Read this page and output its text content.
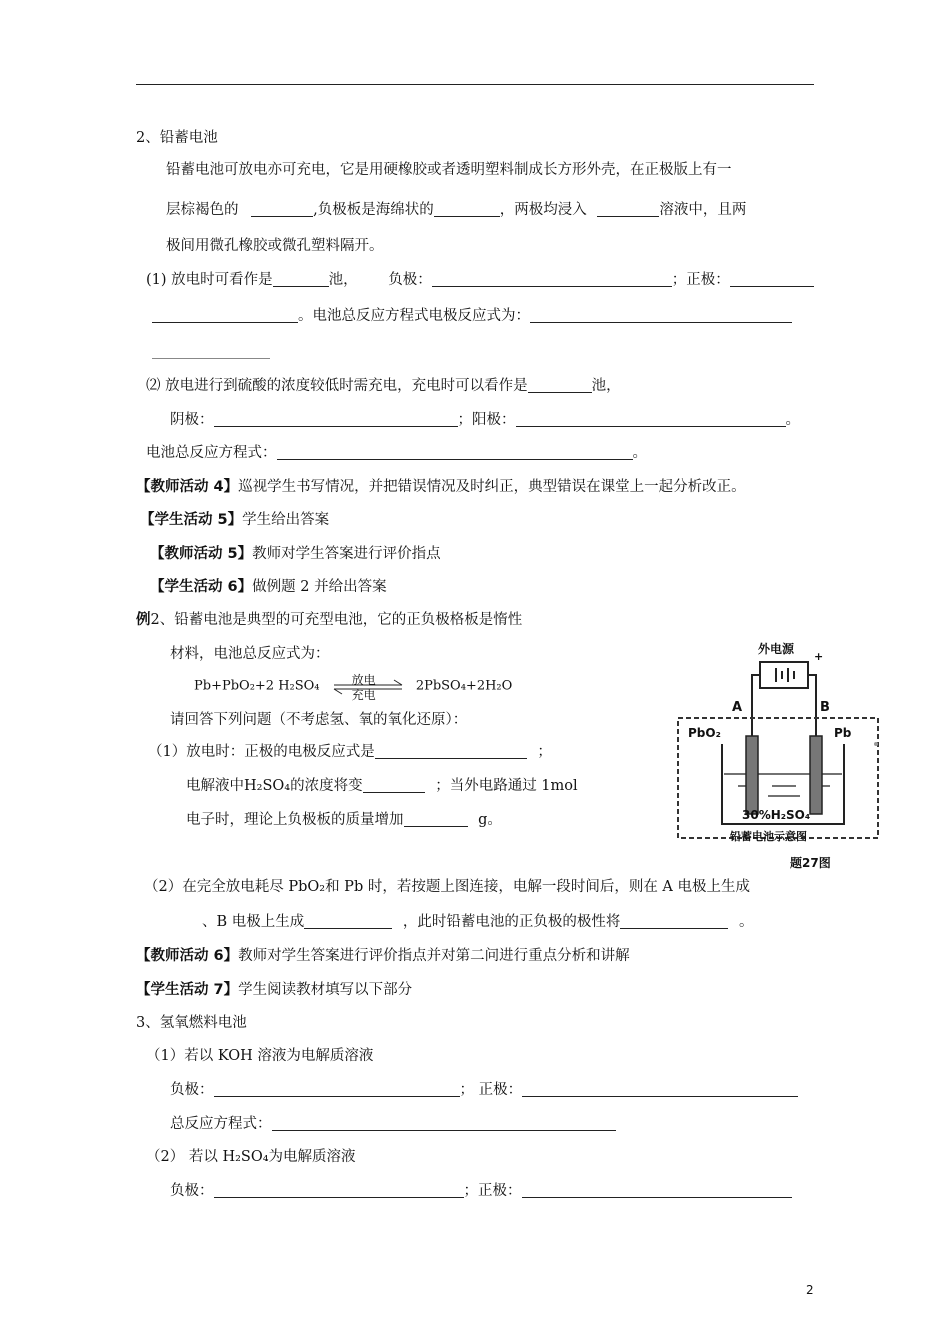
2、铅蓄电池
铅蓄电池可放电亦可充电，它是用硬橡胶或者透明塑料制成长方形外壳，在正极版上有一
层棕褐色的	,负极板是海绵状的	，两极均浸入	溶液中，且两
极间用微孔橡胶或微孔塑料隔开。
(1) 放电时可看作是	池， 负极：	；正极：
。电池总反应方程式电极反应式为：
⑵ 放电进行到硫酸的浓度较低时需充电，充电时可以看作是	池，
阴极：	；阳极：	。
电池总反应方程式：	。
【教师活动 4】巡视学生书写情况，并把错误情况及时纠正，典型错误在课堂上一起分析改正。
【学生活动 5】学生给出答案
【教师活动 5】教师对学生答案进行评价指点
【学生活动 6】做例题 2 并给出答案
例2、铅蓄电池是典型的可充型电池，它的正负极格板是惰性
材料，电池总反应式为：
Pb+PbO₂+2 H₂SO₄	放电
充电
2PbSO₄+2H₂O
请回答下列问题（不考虑氢、氧的氧化还原）：
（1）放电时：正极的电极反应式是	；
电解液中H₂SO₄的浓度将变	；当外电路通过 1mol
电子时，理论上负极板的质量增加	g。
（2）在完全放电耗尽 PbO₂和 Pb 时，若按题上图连接，电解一段时间后，则在 A 电极上生成
、B 电极上生成	，此时铅蓄电池的正负极的极性将	。
外电源
+
A	B
PbO₂	Pb
30%H₂SO₄
铅蓄电池示意图
题27图
【教师活动 6】教师对学生答案进行评价指点并对第二问进行重点分析和讲解
【学生活动 7】学生阅读教材填写以下部分
3、氢氧燃料电池
（1）若以 KOH 溶液为电解质溶液
负极：	； 正极：
总反应方程式：
（2） 若以 H₂SO₄为电解质溶液
负极：	；正极：
2
